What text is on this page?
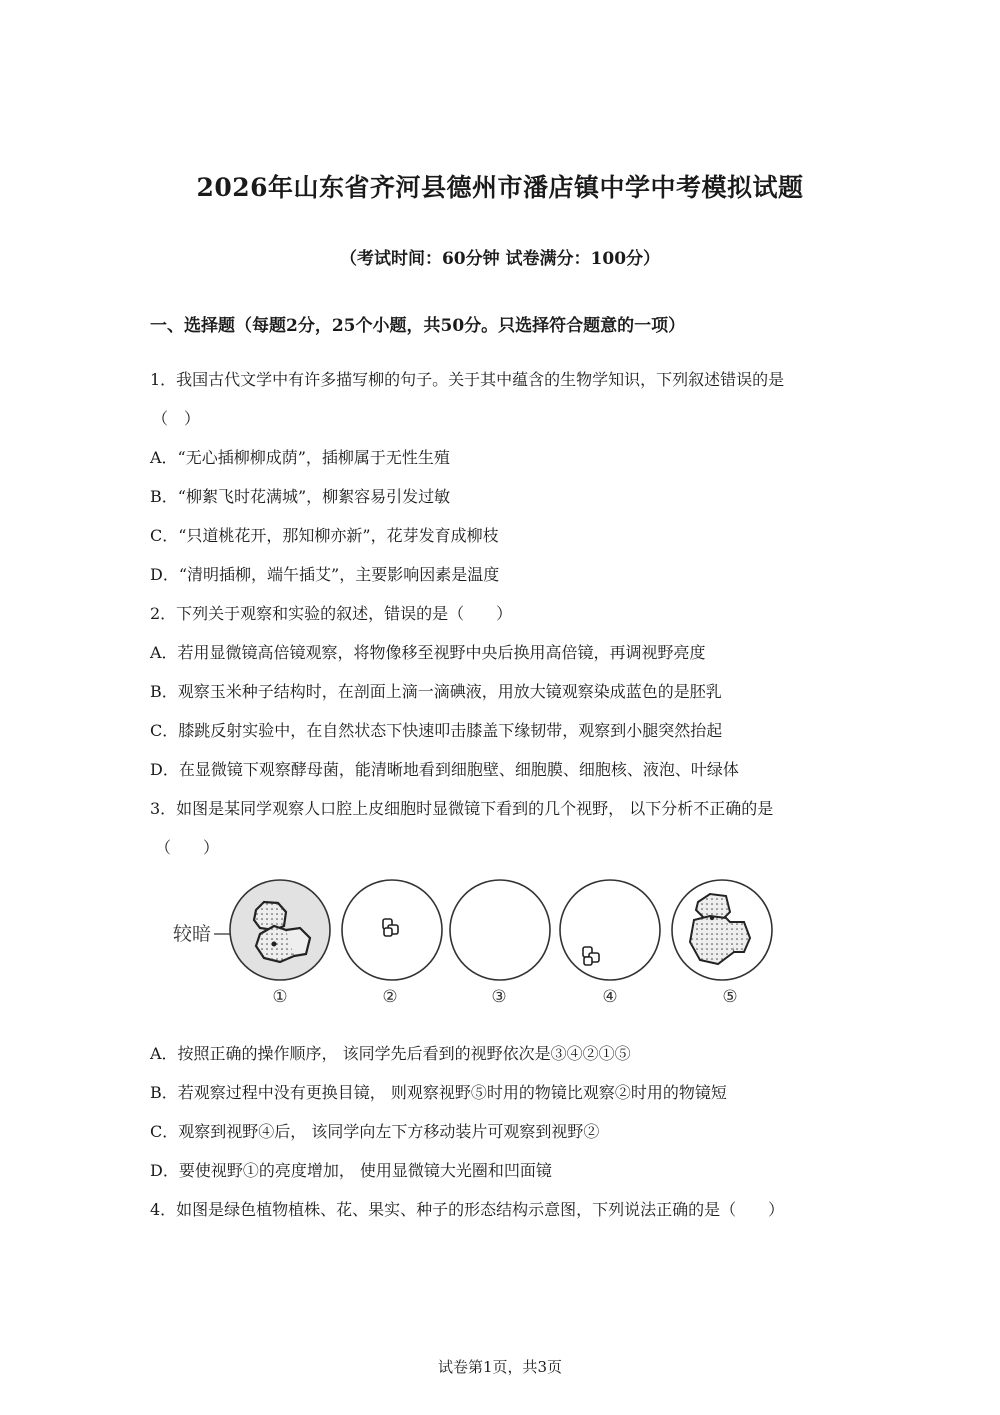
2026年山东省齐河县德州市潘店镇中学中考模拟试题
（考试时间：60分钟 试卷满分：100分）
一、选择题（每题2分，25个小题，共50分。只选择符合题意的一项）
1．我国古代文学中有许多描写柳的句子。关于其中蕴含的生物学知识，下列叙述错误的是
（　）
A．“无心插柳柳成荫”，插柳属于无性生殖
B．“柳絮飞时花满城”，柳絮容易引发过敏
C．“只道桃花开，那知柳亦新”，花芽发育成柳枝
D．“清明插柳，端午插艾”，主要影响因素是温度
2．下列关于观察和实验的叙述，错误的是（　　）
A．若用显微镜高倍镜观察，将物像移至视野中央后换用高倍镜，再调视野亮度
B．观察玉米种子结构时，在剖面上滴一滴碘液，用放大镜观察染成蓝色的是胚乳
C．膝跳反射实验中，在自然状态下快速叩击膝盖下缘韧带，观察到小腿突然抬起
D．在显微镜下观察酵母菌，能清晰地看到细胞壁、细胞膜、细胞核、液泡、叶绿体
3．如图是某同学观察人口腔上皮细胞时显微镜下看到的几个视野， 以下分析不正确的是
（　　）
较暗
①	②	③	④	⑤
A．按照正确的操作顺序， 该同学先后看到的视野依次是③④②①⑤
B．若观察过程中没有更换目镜， 则观察视野⑤时用的物镜比观察②时用的物镜短
C．观察到视野④后， 该同学向左下方移动装片可观察到视野②
D．要使视野①的亮度增加， 使用显微镜大光圈和凹面镜
4．如图是绿色植物植株、花、果实、种子的形态结构示意图，下列说法正确的是（　　）
试卷第1页，共3页
